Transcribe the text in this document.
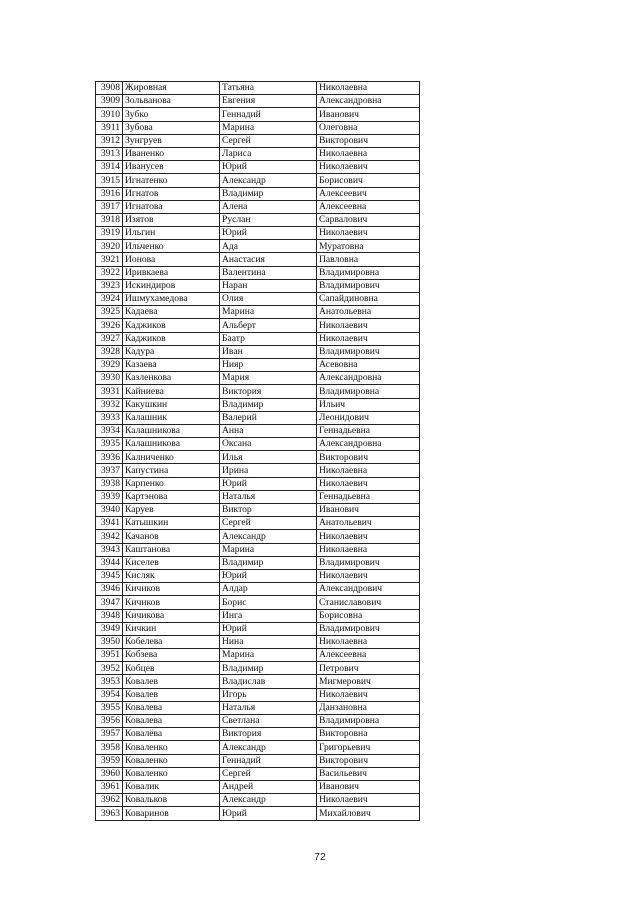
3908	Жировная	Татьяна	Николаевна
3909	Зольванова	Евгения	Александровна
3910	Зубко	Геннадий	Иванович
3911	Зубова	Марина	Олеговна
3912	Зунгруев	Сергей	Викторович
3913	Иваненко	Лариса	Николаевна
3914	Иванусев	Юрий	Николаевич
3915	Игнатенко	Александр	Борисович
3916	Игнатов	Владимир	Алексеевич
3917	Игнатова	Алена	Алексеевна
3918	Изятов	Руслан	Сарвалович
3919	Ильгин	Юрий	Николаевич
3920	Ильченко	Ада	Муратовна
3921	Ионова	Анастасия	Павловна
3922	Иривкаева	Валентина	Владимировна
3923	Искиндиров	Наран	Владимирович
3924	Ишмухамедова	Олия	Сапайдиновна
3925	Кадаева	Марина	Анатольевна
3926	Каджиков	Альберт	Николаевич
3927	Каджиков	Баатр	Николаевич
3928	Кадура	Иван	Владимирович
3929	Казаева	Нияр	Асевовна
3930	Казленкова	Мария	Александровна
3931	Кайниева	Виктория	Владимировна
3932	Какушкин	Владимир	Ильич
3933	Калашник	Валерий	Леонидович
3934	Калашникова	Анна	Геннадьевна
3935	Калашникова	Оксана	Александровна
3936	Калниченко	Илья	Викторович
3937	Капустина	Ирина	Николаевна
3938	Карпенко	Юрий	Николаевич
3939	Картэнова	Наталья	Геннадьевна
3940	Каруев	Виктор	Иванович
3941	Катышкин	Сергей	Анатольевич
3942	Качанов	Александр	Николаевич
3943	Каштанова	Марина	Николаевна
3944	Киселев	Владимир	Владимирович
3945	Кисляк	Юрий	Николаевич
3946	Кичиков	Алдар	Александрович
3947	Кичиков	Борис	Станиславович
3948	Кичикова	Инга	Борисовна
3949	Кичкин	Юрий	Владимирович
3950	Кобелева	Нина	Николаевна
3951	Кобзева	Марина	Алексеевна
3952	Кобцев	Владимир	Петрович
3953	Ковалев	Владислав	Мигмерович
3954	Ковалев	Игорь	Николаевич
3955	Ковалева	Наталья	Данзановна
3956	Ковалева	Светлана	Владимировна
3957	Ковалёва	Виктория	Викторовна
3958	Коваленко	Александр	Григорьевич
3959	Коваленко	Геннадий	Викторович
3960	Коваленко	Сергей	Васильевич
3961	Ковалик	Андрей	Иванович
3962	Ковальков	Александр	Николаевич
3963	Коваринов	Юрий	Михайлович
72
